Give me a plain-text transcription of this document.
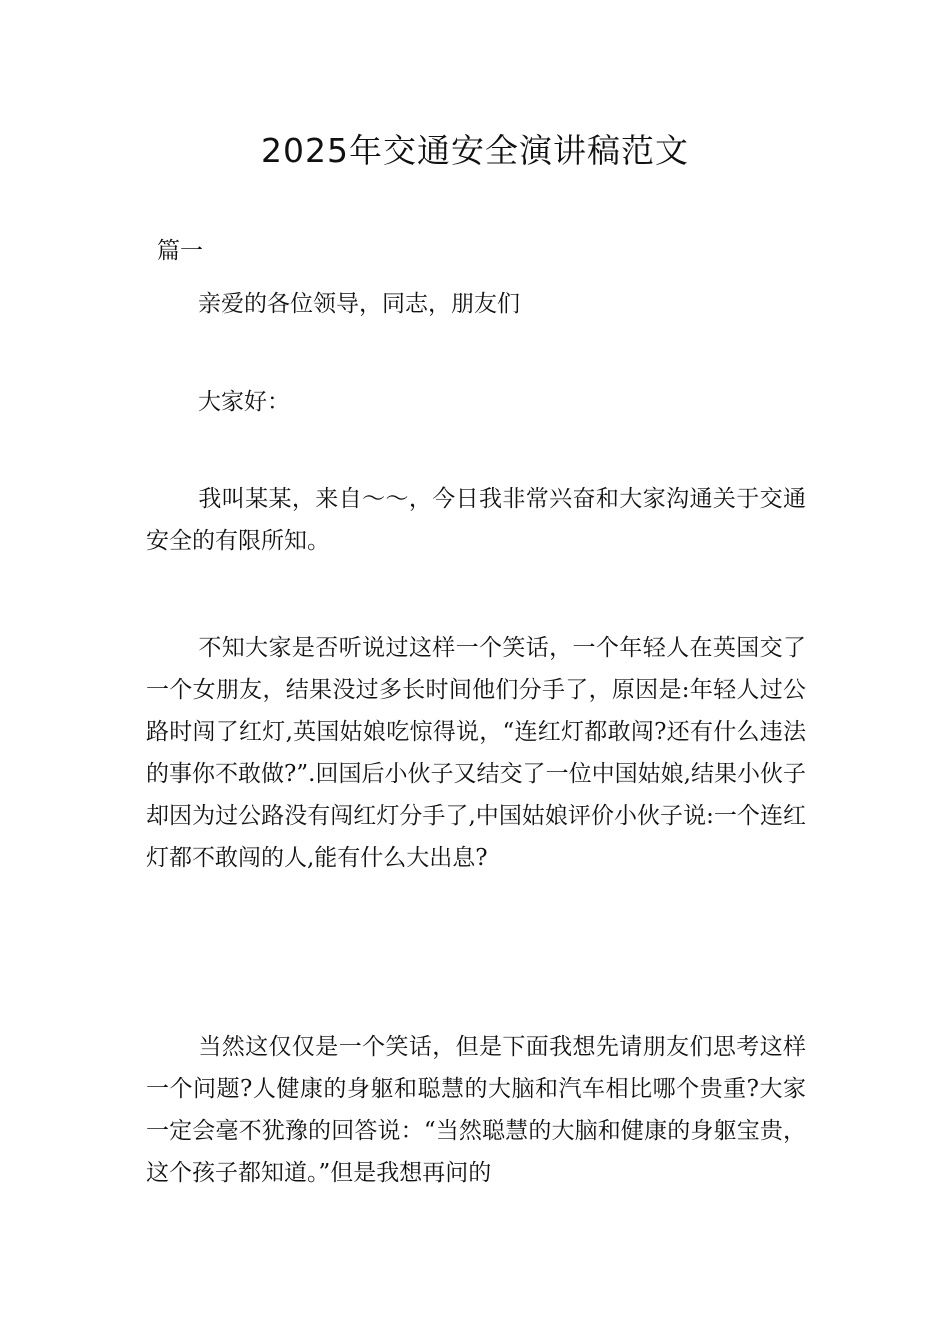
2025年交通安全演讲稿范文

篇一

亲爱的各位领导，同志，朋友们

大家好：

我叫某某，来自～～，今日我非常兴奋和大家沟通关于交通安全的有限所知。

不知大家是否听说过这样一个笑话，一个年轻人在英国交了一个女朋友，结果没过多长时间他们分手了，原因是:年轻人过公路时闯了红灯,英国姑娘吃惊得说，“连红灯都敢闯?还有什么违法的事你不敢做?”.回国后小伙子又结交了一位中国姑娘,结果小伙子却因为过公路没有闯红灯分手了,中国姑娘评价小伙子说:一个连红灯都不敢闯的人,能有什么大出息?

当然这仅仅是一个笑话，但是下面我想先请朋友们思考这样一个问题?人健康的身躯和聪慧的大脑和汽车相比哪个贵重?大家一定会毫不犹豫的回答说：“当然聪慧的大脑和健康的身躯宝贵，这个孩子都知道。”但是我想再问的
